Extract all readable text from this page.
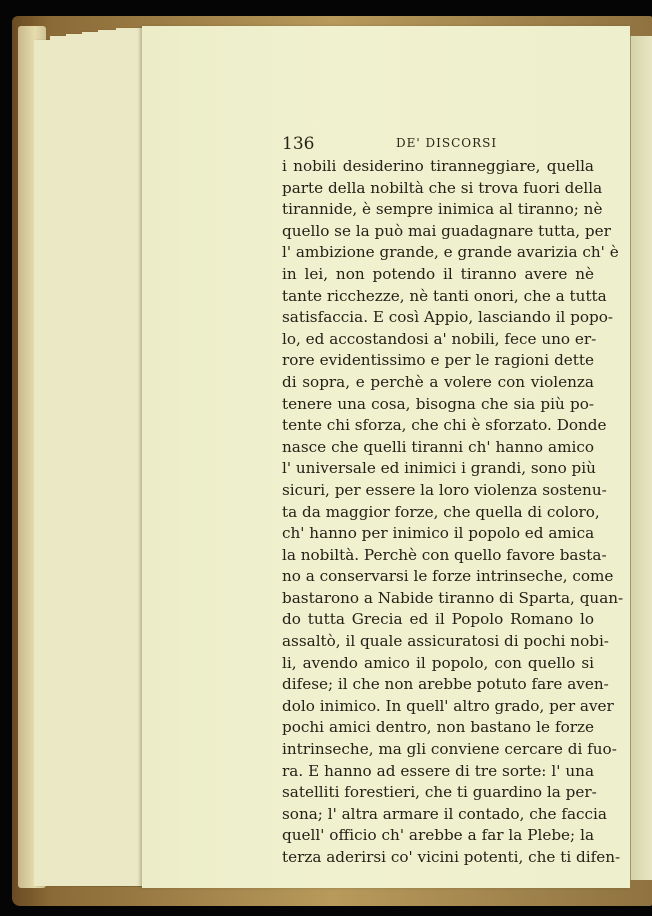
136	DE' DISCORSI
i nobili desiderino tiranneggiare, quella
parte della nobiltà che si trova fuori della
tirannide, è sempre inimica al tiranno; nè
quello se la può mai guadagnare tutta, per
l' ambizione grande, e grande avarizia ch' è
in lei, non potendo il tiranno avere nè
tante ricchezze, nè tanti onori, che a tutta
satisfaccia. E così Appio, lasciando il popo-
lo, ed accostandosi a' nobili, fece uno er-
rore evidentissimo e per le ragioni dette
di sopra, e perchè a volere con violenza
tenere una cosa, bisogna che sia più po-
tente chi sforza, che chi è sforzato. Donde
nasce che quelli tiranni ch' hanno amico
l' universale ed inimici i grandi, sono più
sicuri, per essere la loro violenza sostenu-
ta da maggior forze, che quella di coloro,
ch' hanno per inimico il popolo ed amica
la nobiltà. Perchè con quello favore basta-
no a conservarsi le forze intrinseche, come
bastarono a Nabide tiranno di Sparta, quan-
do tutta Grecia ed il Popolo Romano lo
assaltò, il quale assicuratosi di pochi nobi-
li, avendo amico il popolo, con quello si
difese; il che non arebbe potuto fare aven-
dolo inimico. In quell' altro grado, per aver
pochi amici dentro, non bastano le forze
intrinseche, ma gli conviene cercare di fuo-
ra. E hanno ad essere di tre sorte: l' una
satelliti forestieri, che ti guardino la per-
sona; l' altra armare il contado, che faccia
quell' officio ch' arebbe a far la Plebe; la
terza aderirsi co' vicini potenti, che ti difen-
